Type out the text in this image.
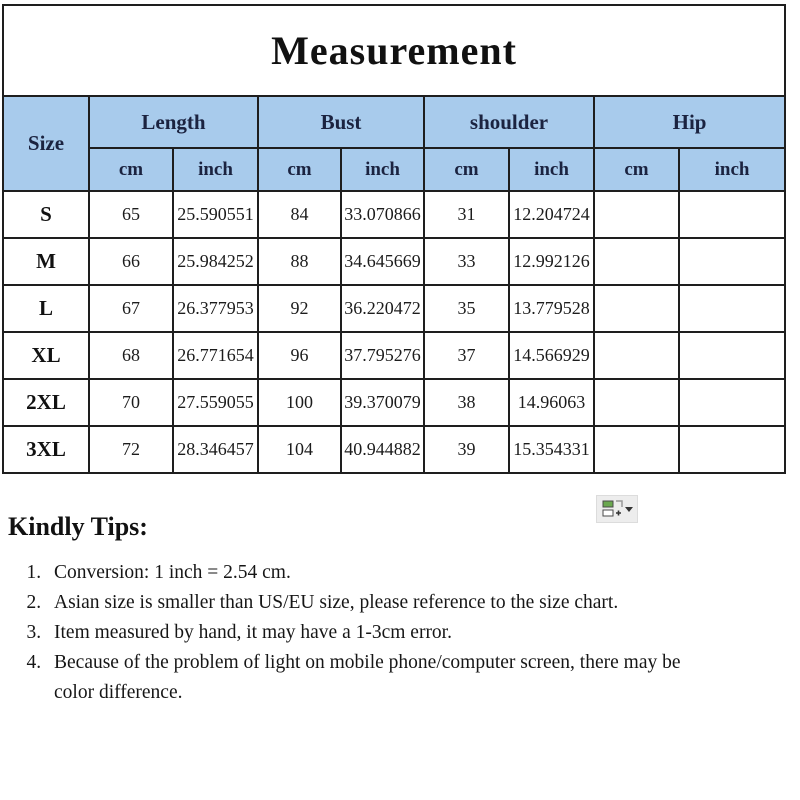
Measurement								
Size	Length		Bust		shoulder		Hip	
	cm	inch	cm	inch	cm	inch	cm	inch
S	65	25.590551	84	33.070866	31	12.204724		
M	66	25.984252	88	34.645669	33	12.992126		
L	67	26.377953	92	36.220472	35	13.779528		
XL	68	26.771654	96	37.795276	37	14.566929		
2XL	70	27.559055	100	39.370079	38	14.96063		
3XL	72	28.346457	104	40.944882	39	15.354331		
Kindly Tips:
1. Conversion: 1 inch = 2.54 cm.
2. Asian size is smaller than US/EU size, please reference to the size chart.
3. Item measured by hand, it may have a 1-3cm error.
4. Because of the problem of light on mobile phone/computer screen, there may be color difference.
